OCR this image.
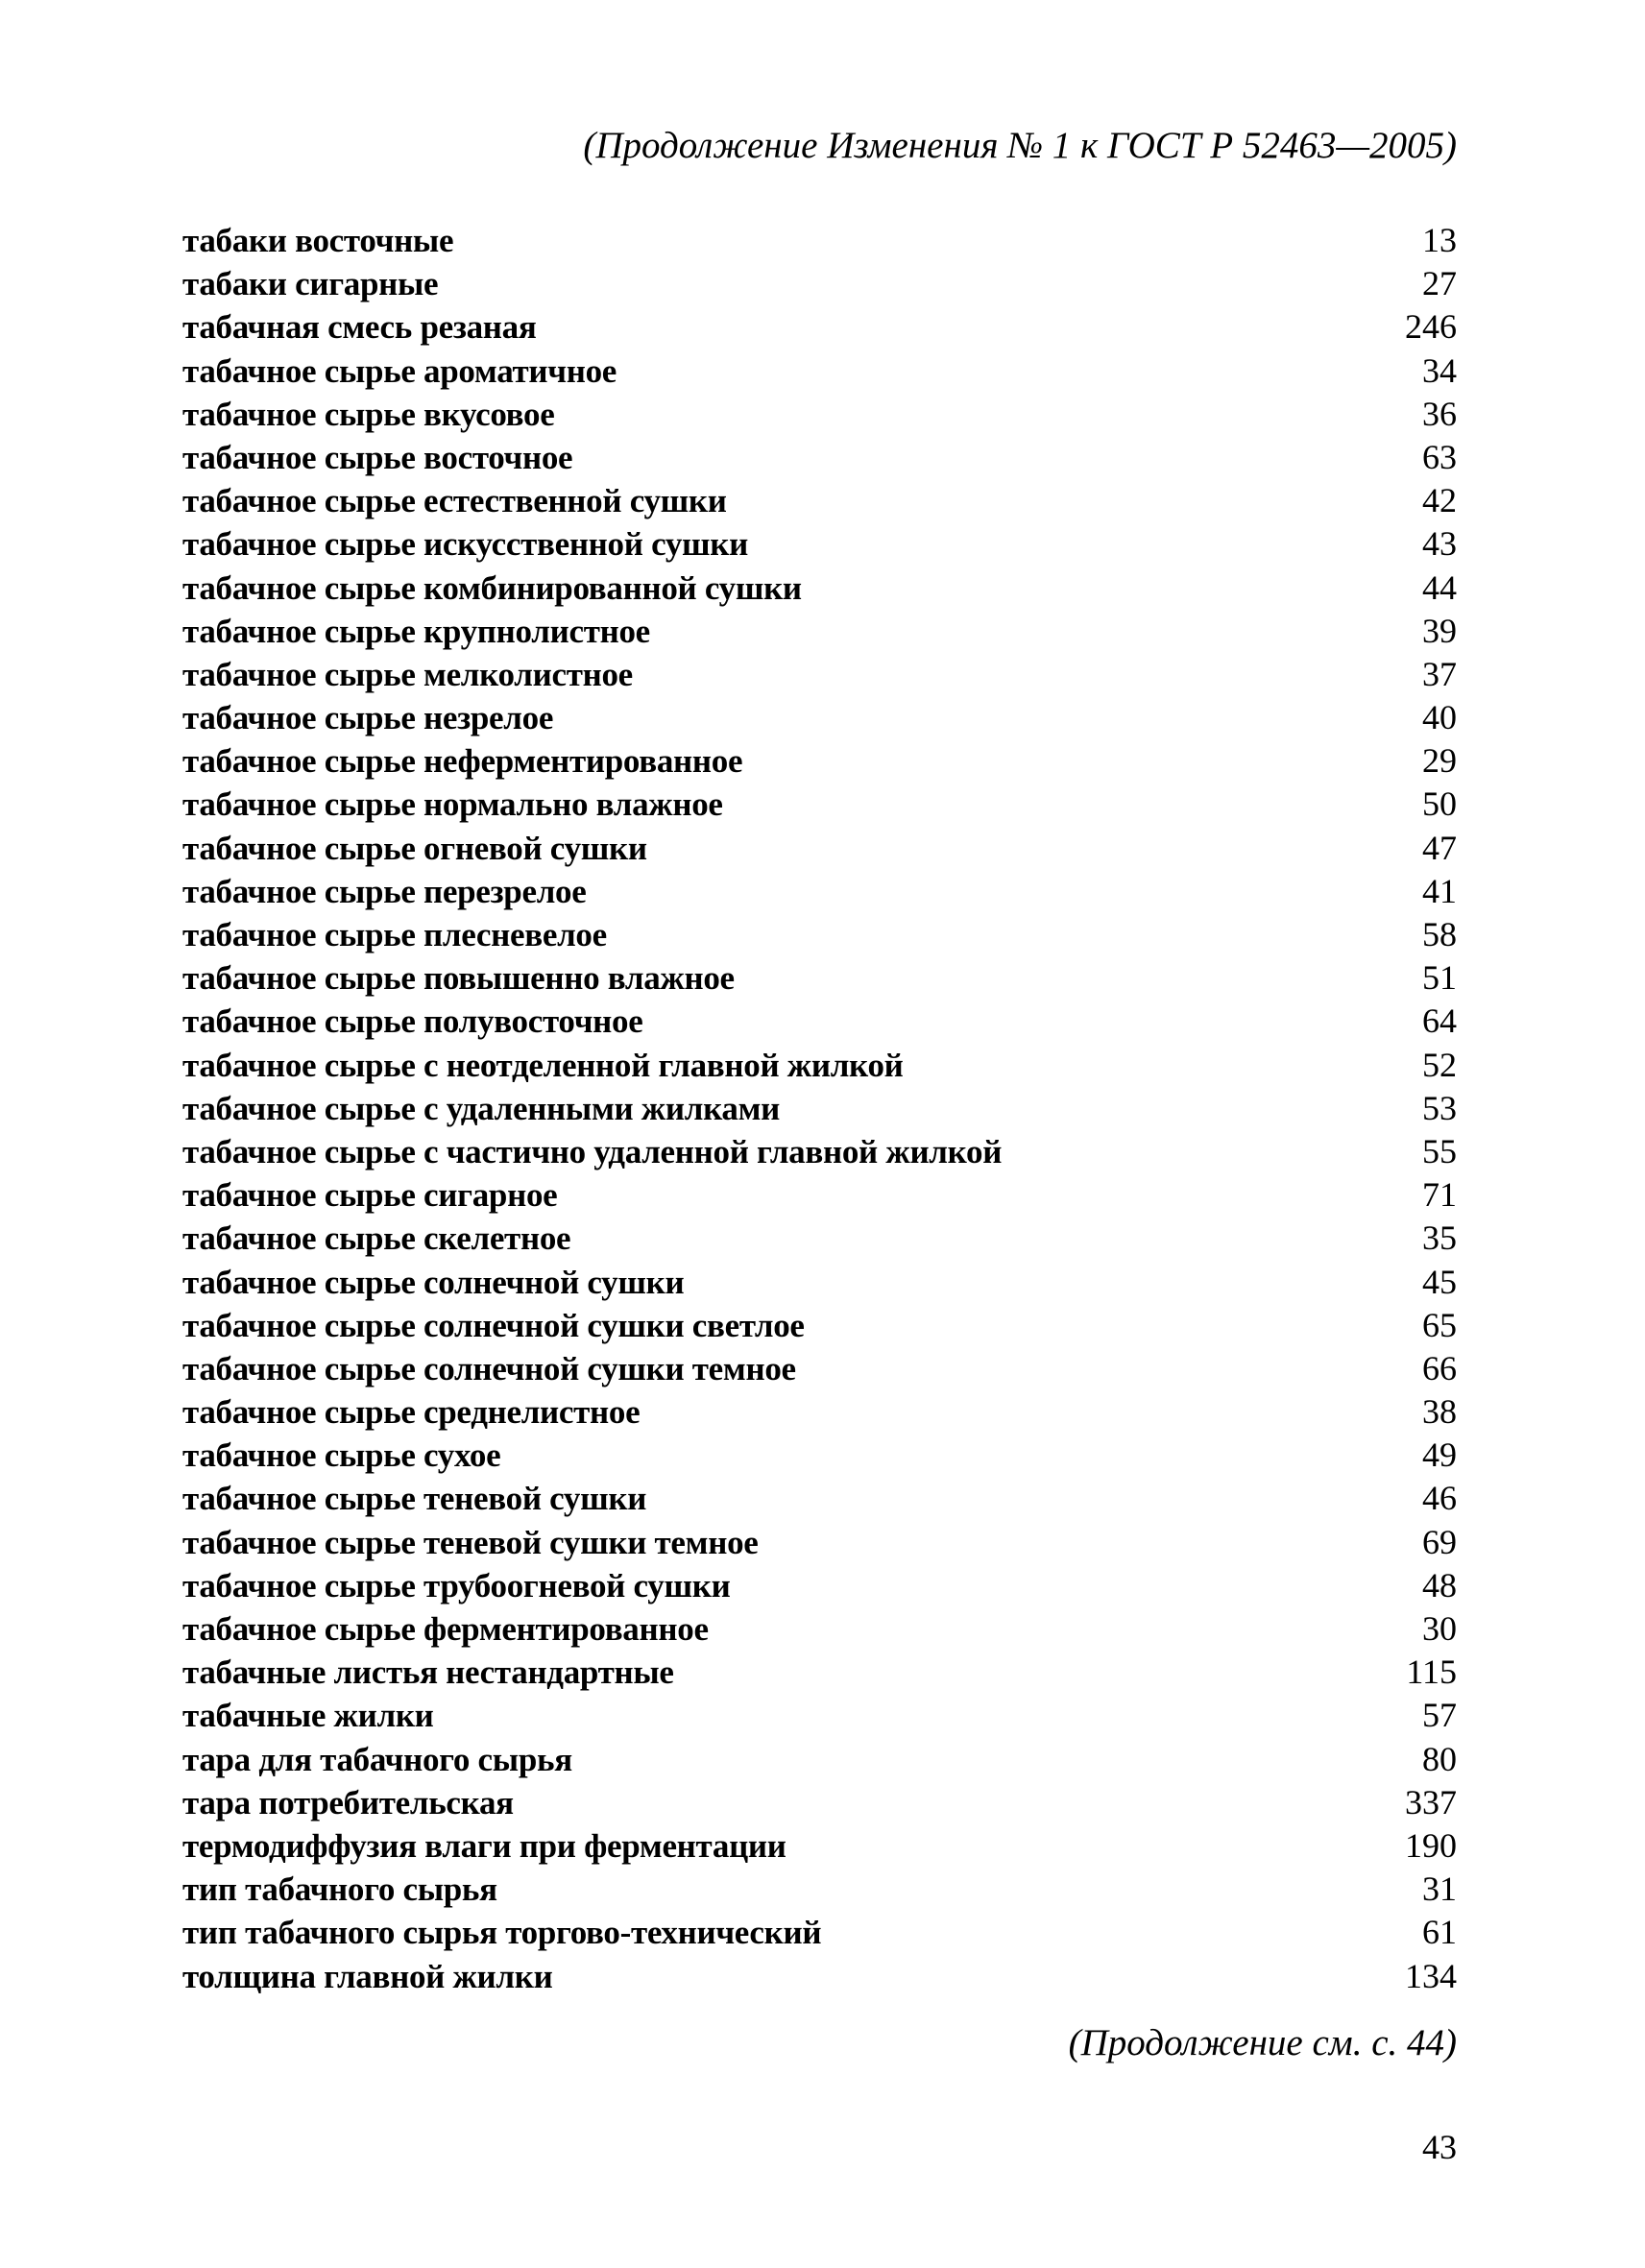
(Продолжение Изменения № 1 к ГОСТ Р 52463—2005)
табаки восточные	13
табаки сигарные	27
табачная смесь резаная	246
табачное сырье ароматичное	34
табачное сырье вкусовое	36
табачное сырье восточное	63
табачное сырье естественной сушки	42
табачное сырье искусственной сушки	43
табачное сырье комбинированной сушки	44
табачное сырье крупнолистное	39
табачное сырье мелколистное	37
табачное сырье незрелое	40
табачное сырье неферментированное	29
табачное сырье нормально влажное	50
табачное сырье огневой сушки	47
табачное сырье перезрелое	41
табачное сырье плесневелое	58
табачное сырье повышенно влажное	51
табачное сырье полувосточное	64
табачное сырье с неотделенной главной жилкой	52
табачное сырье с удаленными жилками	53
табачное сырье с частично удаленной главной жилкой	55
табачное сырье сигарное	71
табачное сырье скелетное	35
табачное сырье солнечной сушки	45
табачное сырье солнечной сушки светлое	65
табачное сырье солнечной сушки темное	66
табачное сырье среднелистное	38
табачное сырье сухое	49
табачное сырье теневой сушки	46
табачное сырье теневой сушки темное	69
табачное сырье трубоогневой сушки	48
табачное сырье ферментированное	30
табачные листья нестандартные	115
табачные жилки	57
тара для табачного сырья	80
тара потребительская	337
термодиффузия влаги при ферментации	190
тип табачного сырья	31
тип табачного сырья торгово-технический	61
толщина главной жилки	134
(Продолжение см. с. 44)
43
